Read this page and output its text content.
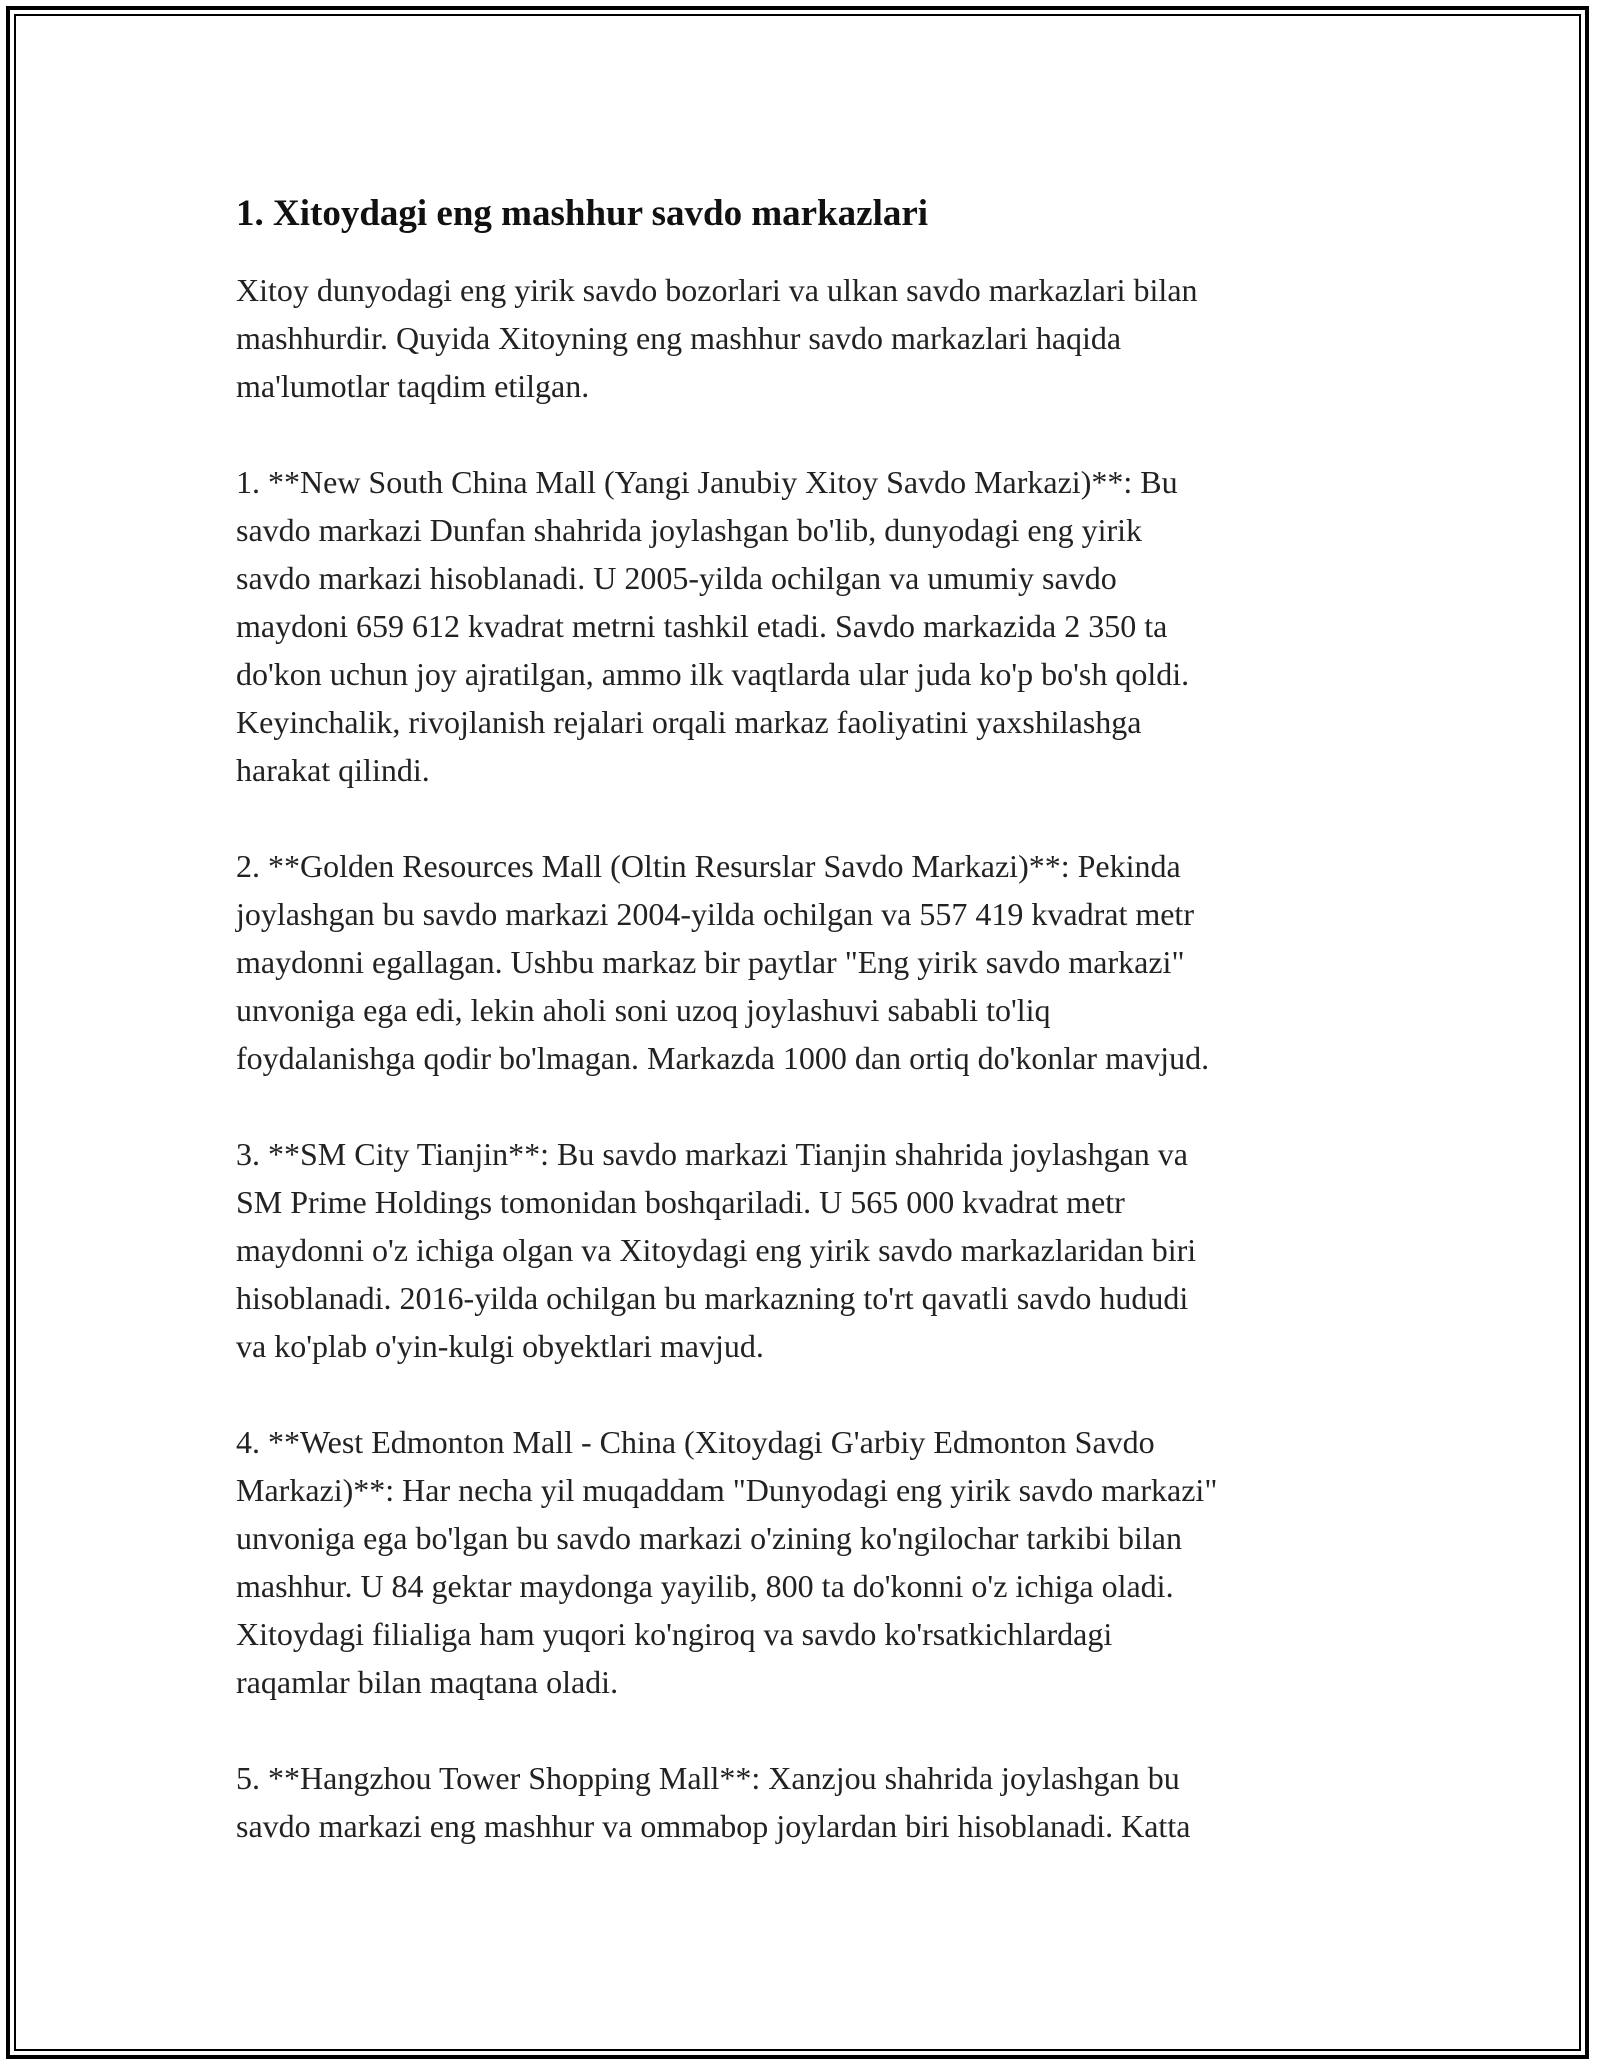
1. Xitoydagi eng mashhur savdo markazlari

Xitoy dunyodagi eng yirik savdo bozorlari va ulkan savdo markazlari bilan
mashhurdir. Quyida Xitoyning eng mashhur savdo markazlari haqida
ma'lumotlar taqdim etilgan.

1. **New South China Mall (Yangi Janubiy Xitoy Savdo Markazi)**: Bu
savdo markazi Dunfan shahrida joylashgan bo'lib, dunyodagi eng yirik
savdo markazi hisoblanadi. U 2005-yilda ochilgan va umumiy savdo
maydoni 659 612 kvadrat metrni tashkil etadi. Savdo markazida 2 350 ta
do'kon uchun joy ajratilgan, ammo ilk vaqtlarda ular juda ko'p bo'sh qoldi.
Keyinchalik, rivojlanish rejalari orqali markaz faoliyatini yaxshilashga
harakat qilindi.

2. **Golden Resources Mall (Oltin Resurslar Savdo Markazi)**: Pekinda
joylashgan bu savdo markazi 2004-yilda ochilgan va 557 419 kvadrat metr
maydonni egallagan. Ushbu markaz bir paytlar "Eng yirik savdo markazi"
unvoniga ega edi, lekin aholi soni uzoq joylashuvi sababli to'liq
foydalanishga qodir bo'lmagan. Markazda 1000 dan ortiq do'konlar mavjud.

3. **SM City Tianjin**: Bu savdo markazi Tianjin shahrida joylashgan va
SM Prime Holdings tomonidan boshqariladi. U 565 000 kvadrat metr
maydonni o'z ichiga olgan va Xitoydagi eng yirik savdo markazlaridan biri
hisoblanadi. 2016-yilda ochilgan bu markazning to'rt qavatli savdo hududi
va ko'plab o'yin-kulgi obyektlari mavjud.

4. **West Edmonton Mall - China (Xitoydagi G'arbiy Edmonton Savdo
Markazi)**: Har necha yil muqaddam "Dunyodagi eng yirik savdo markazi"
unvoniga ega bo'lgan bu savdo markazi o'zining ko'ngilochar tarkibi bilan
mashhur. U 84 gektar maydonga yayilib, 800 ta do'konni o'z ichiga oladi.
Xitoydagi filialiga ham yuqori ko'ngiroq va savdo ko'rsatkichlardagi
raqamlar bilan maqtana oladi.

5. **Hangzhou Tower Shopping Mall**: Xanzjou shahrida joylashgan bu
savdo markazi eng mashhur va ommabop joylardan biri hisoblanadi. Katta
